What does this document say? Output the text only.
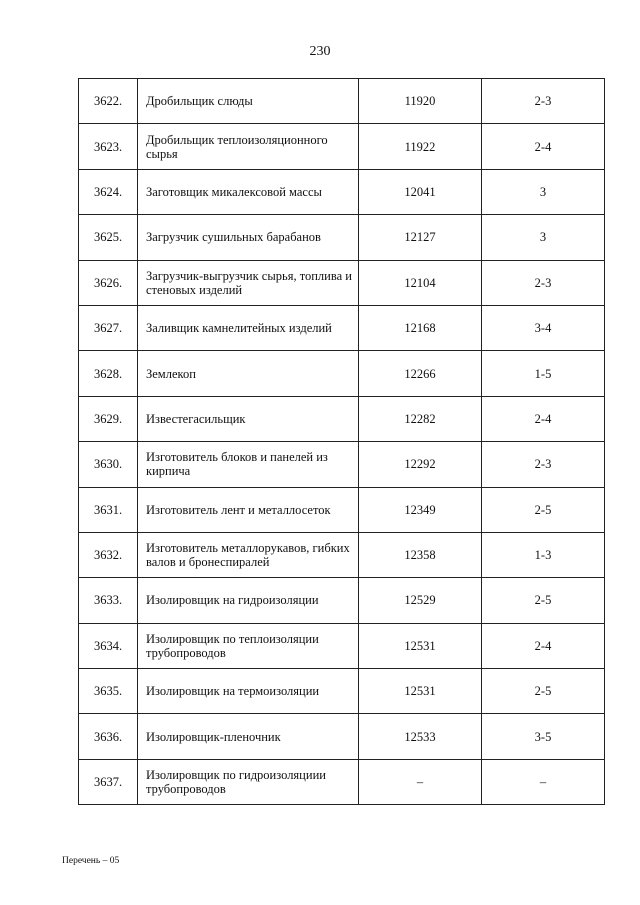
230
3622.	Дробильщик слюды	11920	2-3
3623.	Дробильщик теплоизоляционного сырья	11922	2-4
3624.	Заготовщик микалексовой массы	12041	3
3625.	Загрузчик сушильных барабанов	12127	3
3626.	Загрузчик-выгрузчик сырья, топлива и стеновых изделий	12104	2-3
3627.	Заливщик камнелитейных изделий	12168	3-4
3628.	Землекоп	12266	1-5
3629.	Известегасильщик	12282	2-4
3630.	Изготовитель блоков и панелей из кирпича	12292	2-3
3631.	Изготовитель лент и металлосеток	12349	2-5
3632.	Изготовитель металлорукавов, гибких валов и бронеспиралей	12358	1-3
3633.	Изолировщик на гидроизоляции	12529	2-5
3634.	Изолировщик по теплоизоляции трубопроводов	12531	2-4
3635.	Изолировщик на термоизоляции	12531	2-5
3636.	Изолировщик-пленочник	12533	3-5
3637.	Изолировщик по гидроизоляциии трубопроводов	–	–
Перечень – 05
